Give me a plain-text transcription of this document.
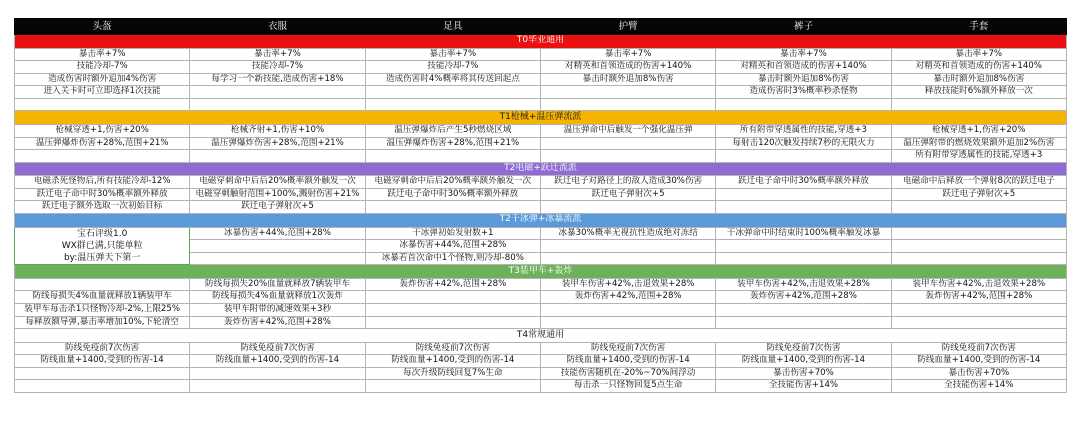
头盔	衣服	足具	护臂	裤子	手套
T0毕业通用					
暴击率+7%	暴击率+7%	暴击率+7%	暴击率+7%	暴击率+7%	暴击率+7%
技能冷却-7%	技能冷却-7%	技能冷却-7%	对精英和首领造成的伤害+140%	对精英和首领造成的伤害+140%	对精英和首领造成的伤害+140%
造成伤害时额外追加4%伤害	每学习一个新技能,造成伤害+18%	造成伤害时4%概率将其传送回起点	暴击时额外追加8%伤害	暴击时额外追加8%伤害	暴击时额外追加8%伤害
进入关卡时可立即选择1次技能				造成伤害时3%概率秒杀怪物	释放技能时6%额外释放一次

T1枪械+温压弹流派					
枪械穿透+1,伤害+20%	枪械齐射+1,伤害+10%	温压弹爆炸后产生5秒燃烧区域	温压弹命中后触发一个强化温压弹	所有附带穿透属性的技能,穿透+3	枪械穿透+1,伤害+20%
温压弹爆炸伤害+28%,范围+21%	温压弹爆炸伤害+28%,范围+21%	温压弹爆炸伤害+28%,范围+21%		每射击120次触发持续7秒的无限火力	温压弹附带的燃烧效果额外追加2%伤害
					所有附带穿透属性的技能,穿透+3
T2电磁+跃迁流派					
电磁杀死怪物后,所有技能冷却-12%	电磁穿刺命中后后20%概率额外触发一次	电磁穿刺命中后后20%概率额外触发一次	跃迁电子对路径上的敌人造成30%伤害	跃迁电子命中时30%概率额外释放	电磁命中后释放一个弹射8次的跃迁电子
跃迁电子命中时30%概率额外释放	电磁穿刺触射范围+100%,溅射伤害+21%	跃迁电子命中时30%概率额外释放	跃迁电子弹射次+5		跃迁电子弹射次+5
跃迁电子额外选取一次初始目标	跃迁电子弹射次+5				
T2干冰弹+冰暴流派					

宝石评级1.0
WX群已满,只能单粒
by:温压弹天下第一	冰暴伤害+44%,范围+28%	干冰弹初始发射数+1	冰暴30%概率无视抗性造成绝对冻结	干冰弹命中时结束时100%概率触发冰暴	
		冰暴伤害+44%,范围+28%			
		冰暴若首次命中1个怪物,则冷却-80%			
T3装甲车+轰炸					
	防线每损失20%血量就释放7辆装甲车	轰炸伤害+42%,范围+28%	装甲车伤害+42%,击退效果+28%	装甲车伤害+42%,击退效果+28%	装甲车伤害+42%,击退效果+28%
防线每损失4%血量就释放1辆装甲车	防线每损失4%血量就释放1次轰炸		轰炸伤害+42%,范围+28%	轰炸伤害+42%,范围+28%	轰炸伤害+42%,范围+28%
装甲车每击杀1只怪物冷却-2%,上限25%	装甲车附带的减速效果+3秒				
每释放额导弹,暴击率增加10%,下轮清空	轰炸伤害+42%,范围+28%				
T4常规通用					
防线免疫前7次伤害	防线免疫前7次伤害	防线免疫前7次伤害	防线免疫前7次伤害	防线免疫前7次伤害	防线免疫前7次伤害
防线血量+1400,受到的伤害-14	防线血量+1400,受到的伤害-14	防线血量+1400,受到的伤害-14	防线血量+1400,受到的伤害-14	防线血量+1400,受到的伤害-14	防线血量+1400,受到的伤害-14
		每次升级防线回复7%生命	技能伤害随机在-20%~70%间浮动	暴击伤害+70%	暴击伤害+70%
			每击杀一只怪物回复5点生命	全技能伤害+14%	全技能伤害+14%
